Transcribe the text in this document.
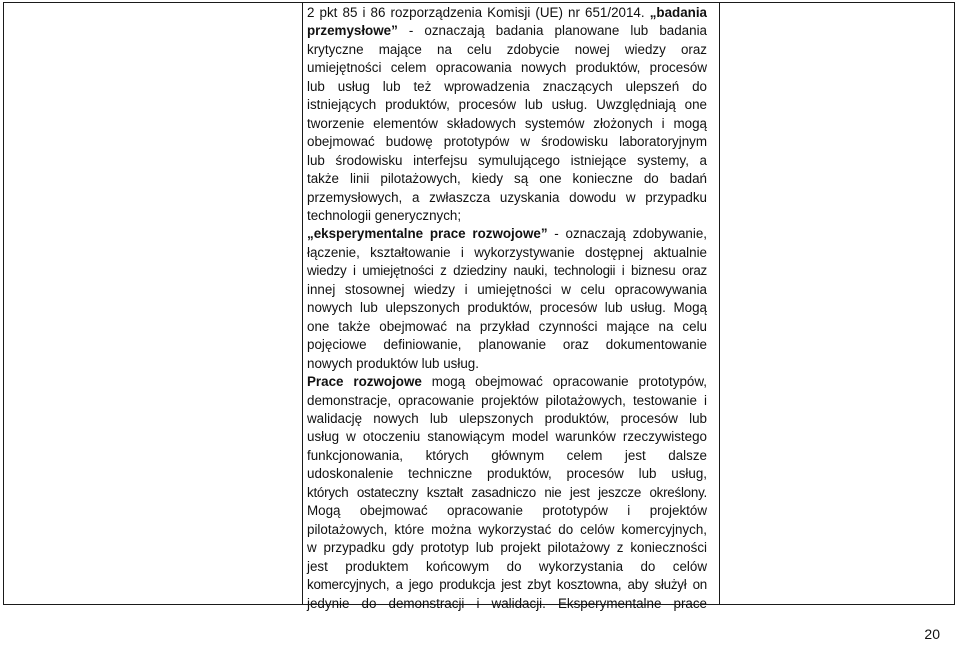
2 pkt 85 i 86 rozporządzenia Komisji (UE) nr 651/2014. „badania
przemysłowe” - oznaczają badania planowane lub badania
krytyczne mające na celu zdobycie nowej wiedzy oraz
umiejętności celem opracowania nowych produktów, procesów
lub usług lub też wprowadzenia znaczących ulepszeń do
istniejących produktów, procesów lub usług. Uwzględniają one
tworzenie elementów składowych systemów złożonych i mogą
obejmować budowę prototypów w środowisku laboratoryjnym
lub środowisku interfejsu symulującego istniejące systemy, a
także linii pilotażowych, kiedy są one konieczne do badań
przemysłowych, a zwłaszcza uzyskania dowodu w przypadku
technologii generycznych;

„eksperymentalne prace rozwojowe” - oznaczają zdobywanie,
łączenie, kształtowanie i wykorzystywanie dostępnej aktualnie
wiedzy i umiejętności z dziedziny nauki, technologii i biznesu oraz
innej stosownej wiedzy i umiejętności w celu opracowywania
nowych lub ulepszonych produktów, procesów lub usług. Mogą
one także obejmować na przykład czynności mające na celu
pojęciowe definiowanie, planowanie oraz dokumentowanie
nowych produktów lub usług.

Prace rozwojowe mogą obejmować opracowanie prototypów,
demonstracje, opracowanie projektów pilotażowych, testowanie i
walidację nowych lub ulepszonych produktów, procesów lub
usług w otoczeniu stanowiącym model warunków rzeczywistego
funkcjonowania, których głównym celem jest dalsze
udoskonalenie techniczne produktów, procesów lub usług,
których ostateczny kształt zasadniczo nie jest jeszcze określony.
Mogą obejmować opracowanie prototypów i projektów
pilotażowych, które można wykorzystać do celów komercyjnych,
w przypadku gdy prototyp lub projekt pilotażowy z konieczności
jest produktem końcowym do wykorzystania do celów
komercyjnych, a jego produkcja jest zbyt kosztowna, aby służył on
jedynie do demonstracji i walidacji. Eksperymentalne prace

20
